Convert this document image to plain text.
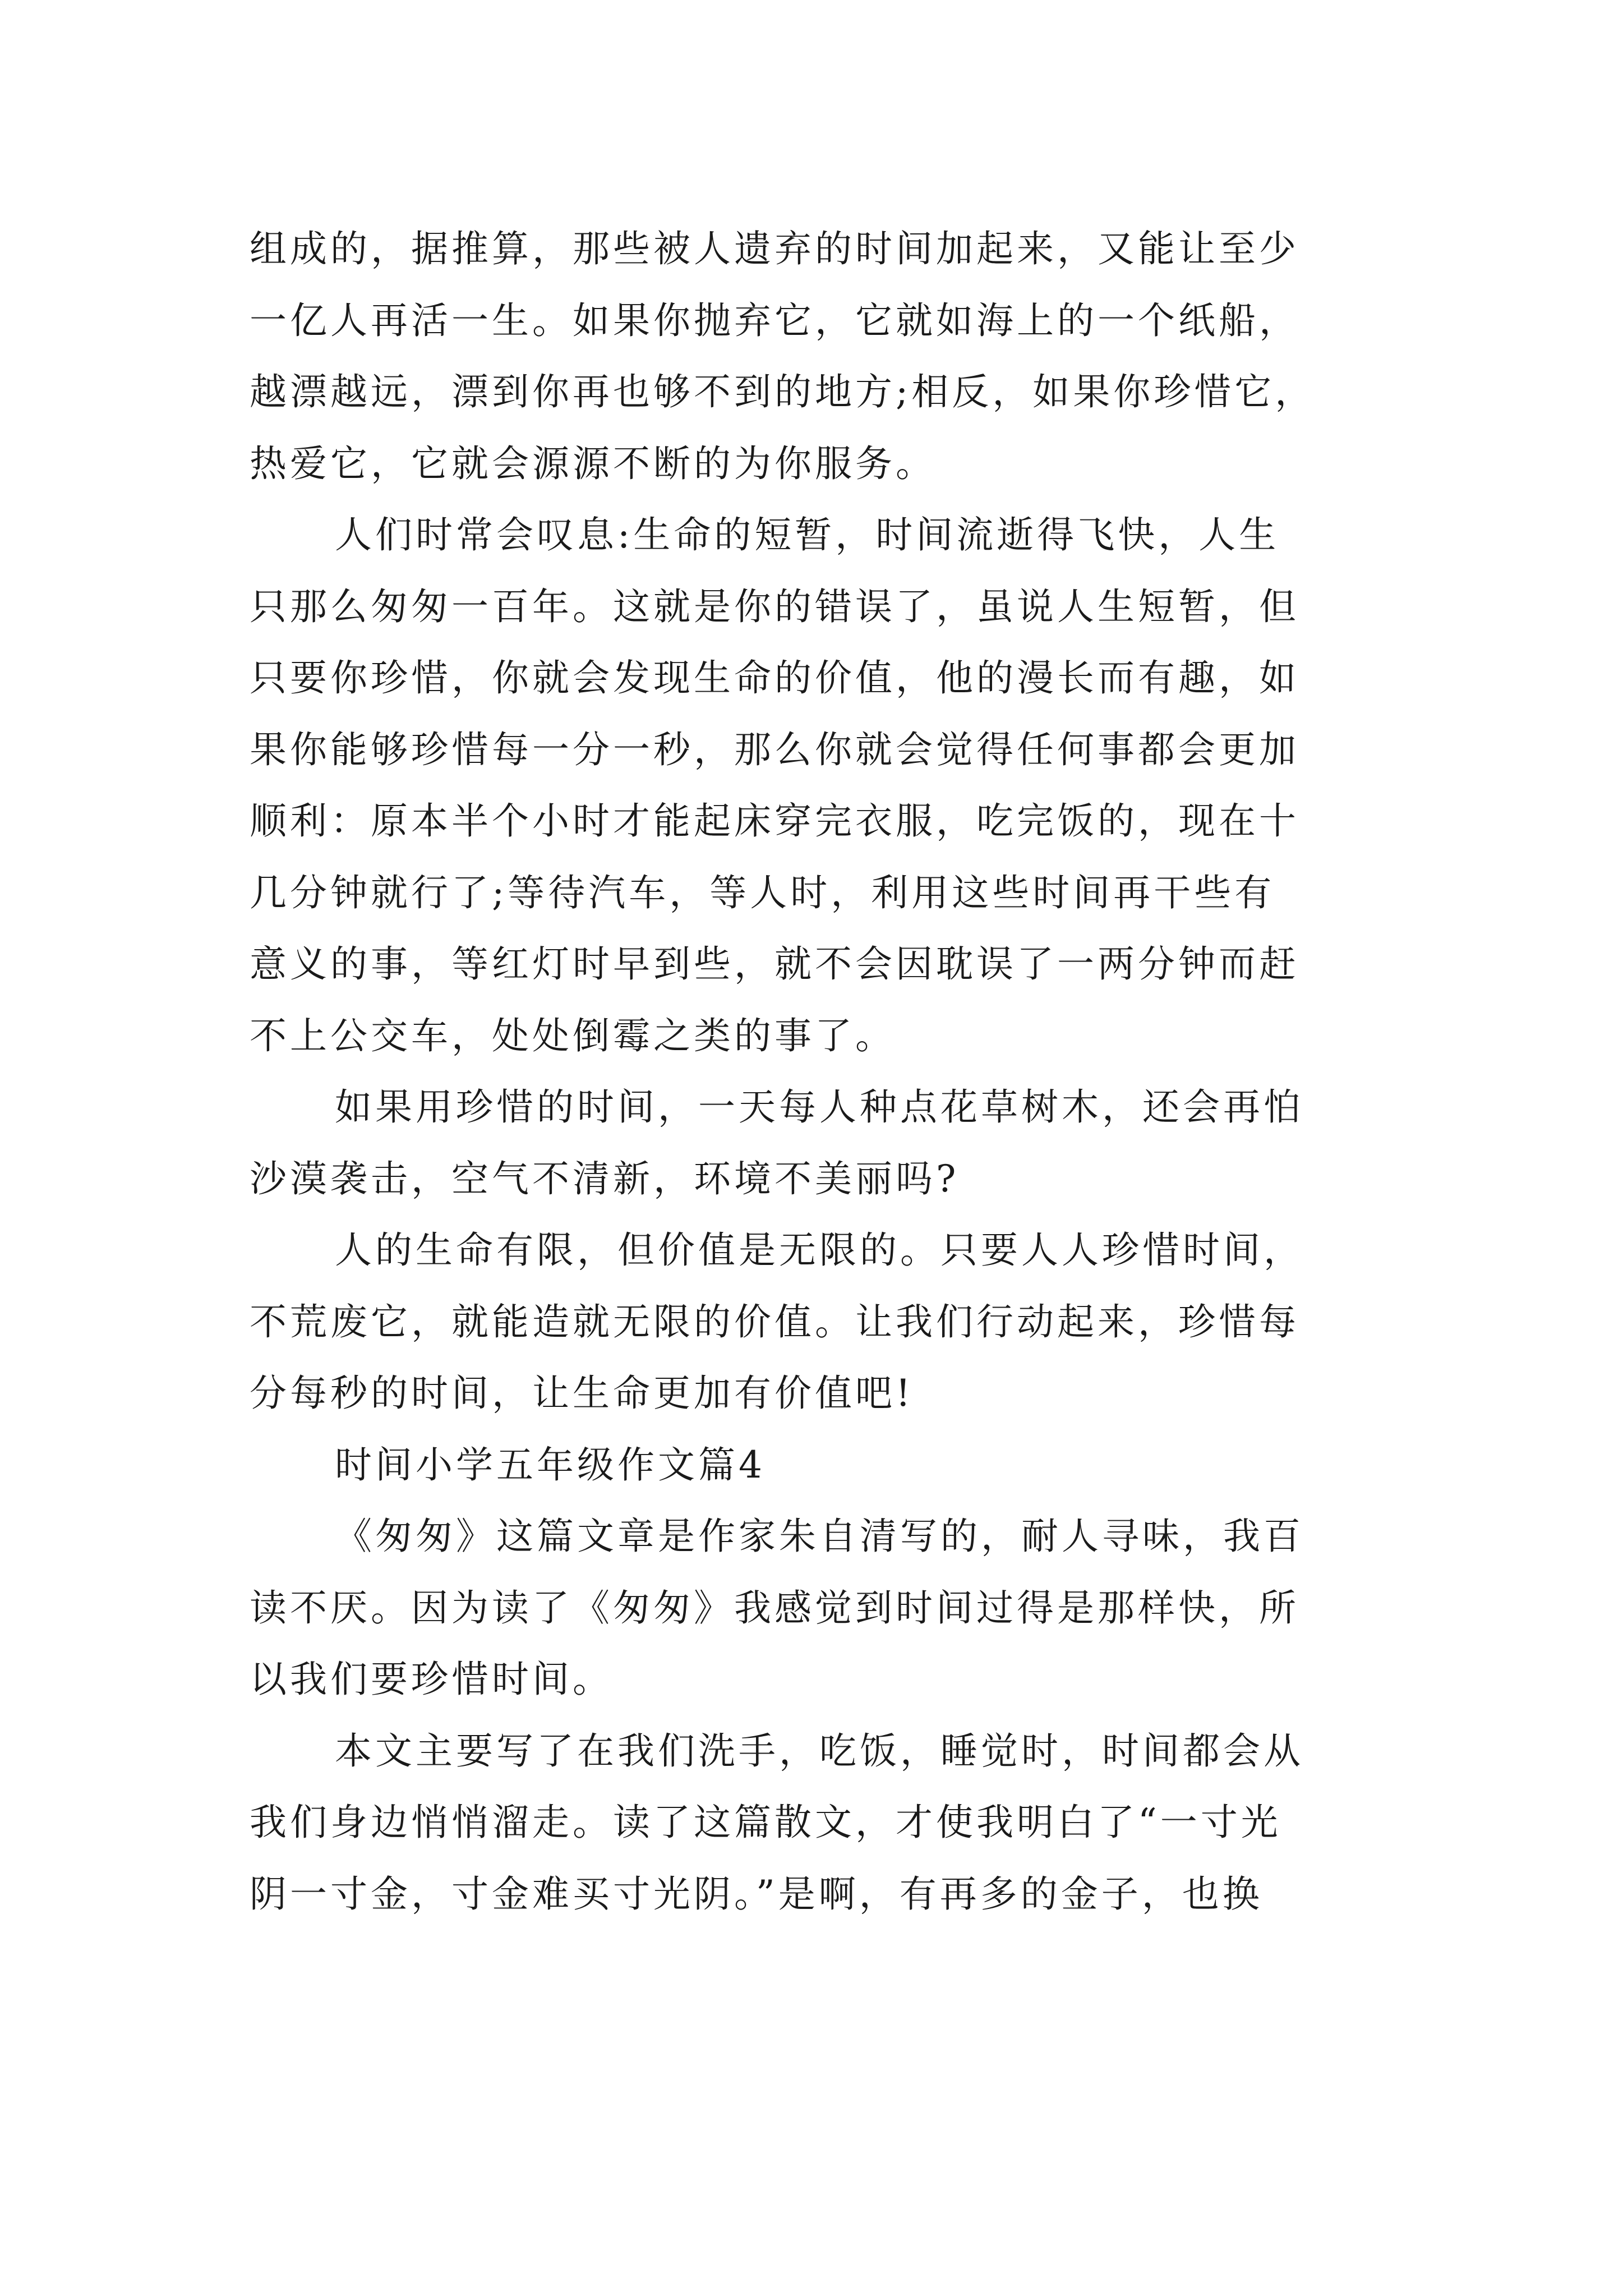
组成的，据推算，那些被人遗弃的时间加起来，又能让至少
一亿人再活一生。如果你抛弃它，它就如海上的一个纸船，
越漂越远，漂到你再也够不到的地方;相反，如果你珍惜它，
热爱它，它就会源源不断的为你服务。
人们时常会叹息:生命的短暂，时间流逝得飞快，人生
只那么匆匆一百年。这就是你的错误了，虽说人生短暂，但
只要你珍惜，你就会发现生命的价值，他的漫长而有趣，如
果你能够珍惜每一分一秒，那么你就会觉得任何事都会更加
顺利：原本半个小时才能起床穿完衣服，吃完饭的，现在十
几分钟就行了;等待汽车，等人时，利用这些时间再干些有
意义的事，等红灯时早到些，就不会因耽误了一两分钟而赶
不上公交车，处处倒霉之类的事了。
如果用珍惜的时间，一天每人种点花草树木，还会再怕
沙漠袭击，空气不清新，环境不美丽吗?
人的生命有限，但价值是无限的。只要人人珍惜时间，
不荒废它，就能造就无限的价值。让我们行动起来，珍惜每
分每秒的时间，让生命更加有价值吧!
时间小学五年级作文篇4
《匆匆》这篇文章是作家朱自清写的，耐人寻味，我百
读不厌。因为读了《匆匆》我感觉到时间过得是那样快，所
以我们要珍惜时间。
本文主要写了在我们洗手，吃饭，睡觉时，时间都会从
我们身边悄悄溜走。读了这篇散文，才使我明白了“一寸光
阴一寸金，寸金难买寸光阴。”是啊，有再多的金子，也换
